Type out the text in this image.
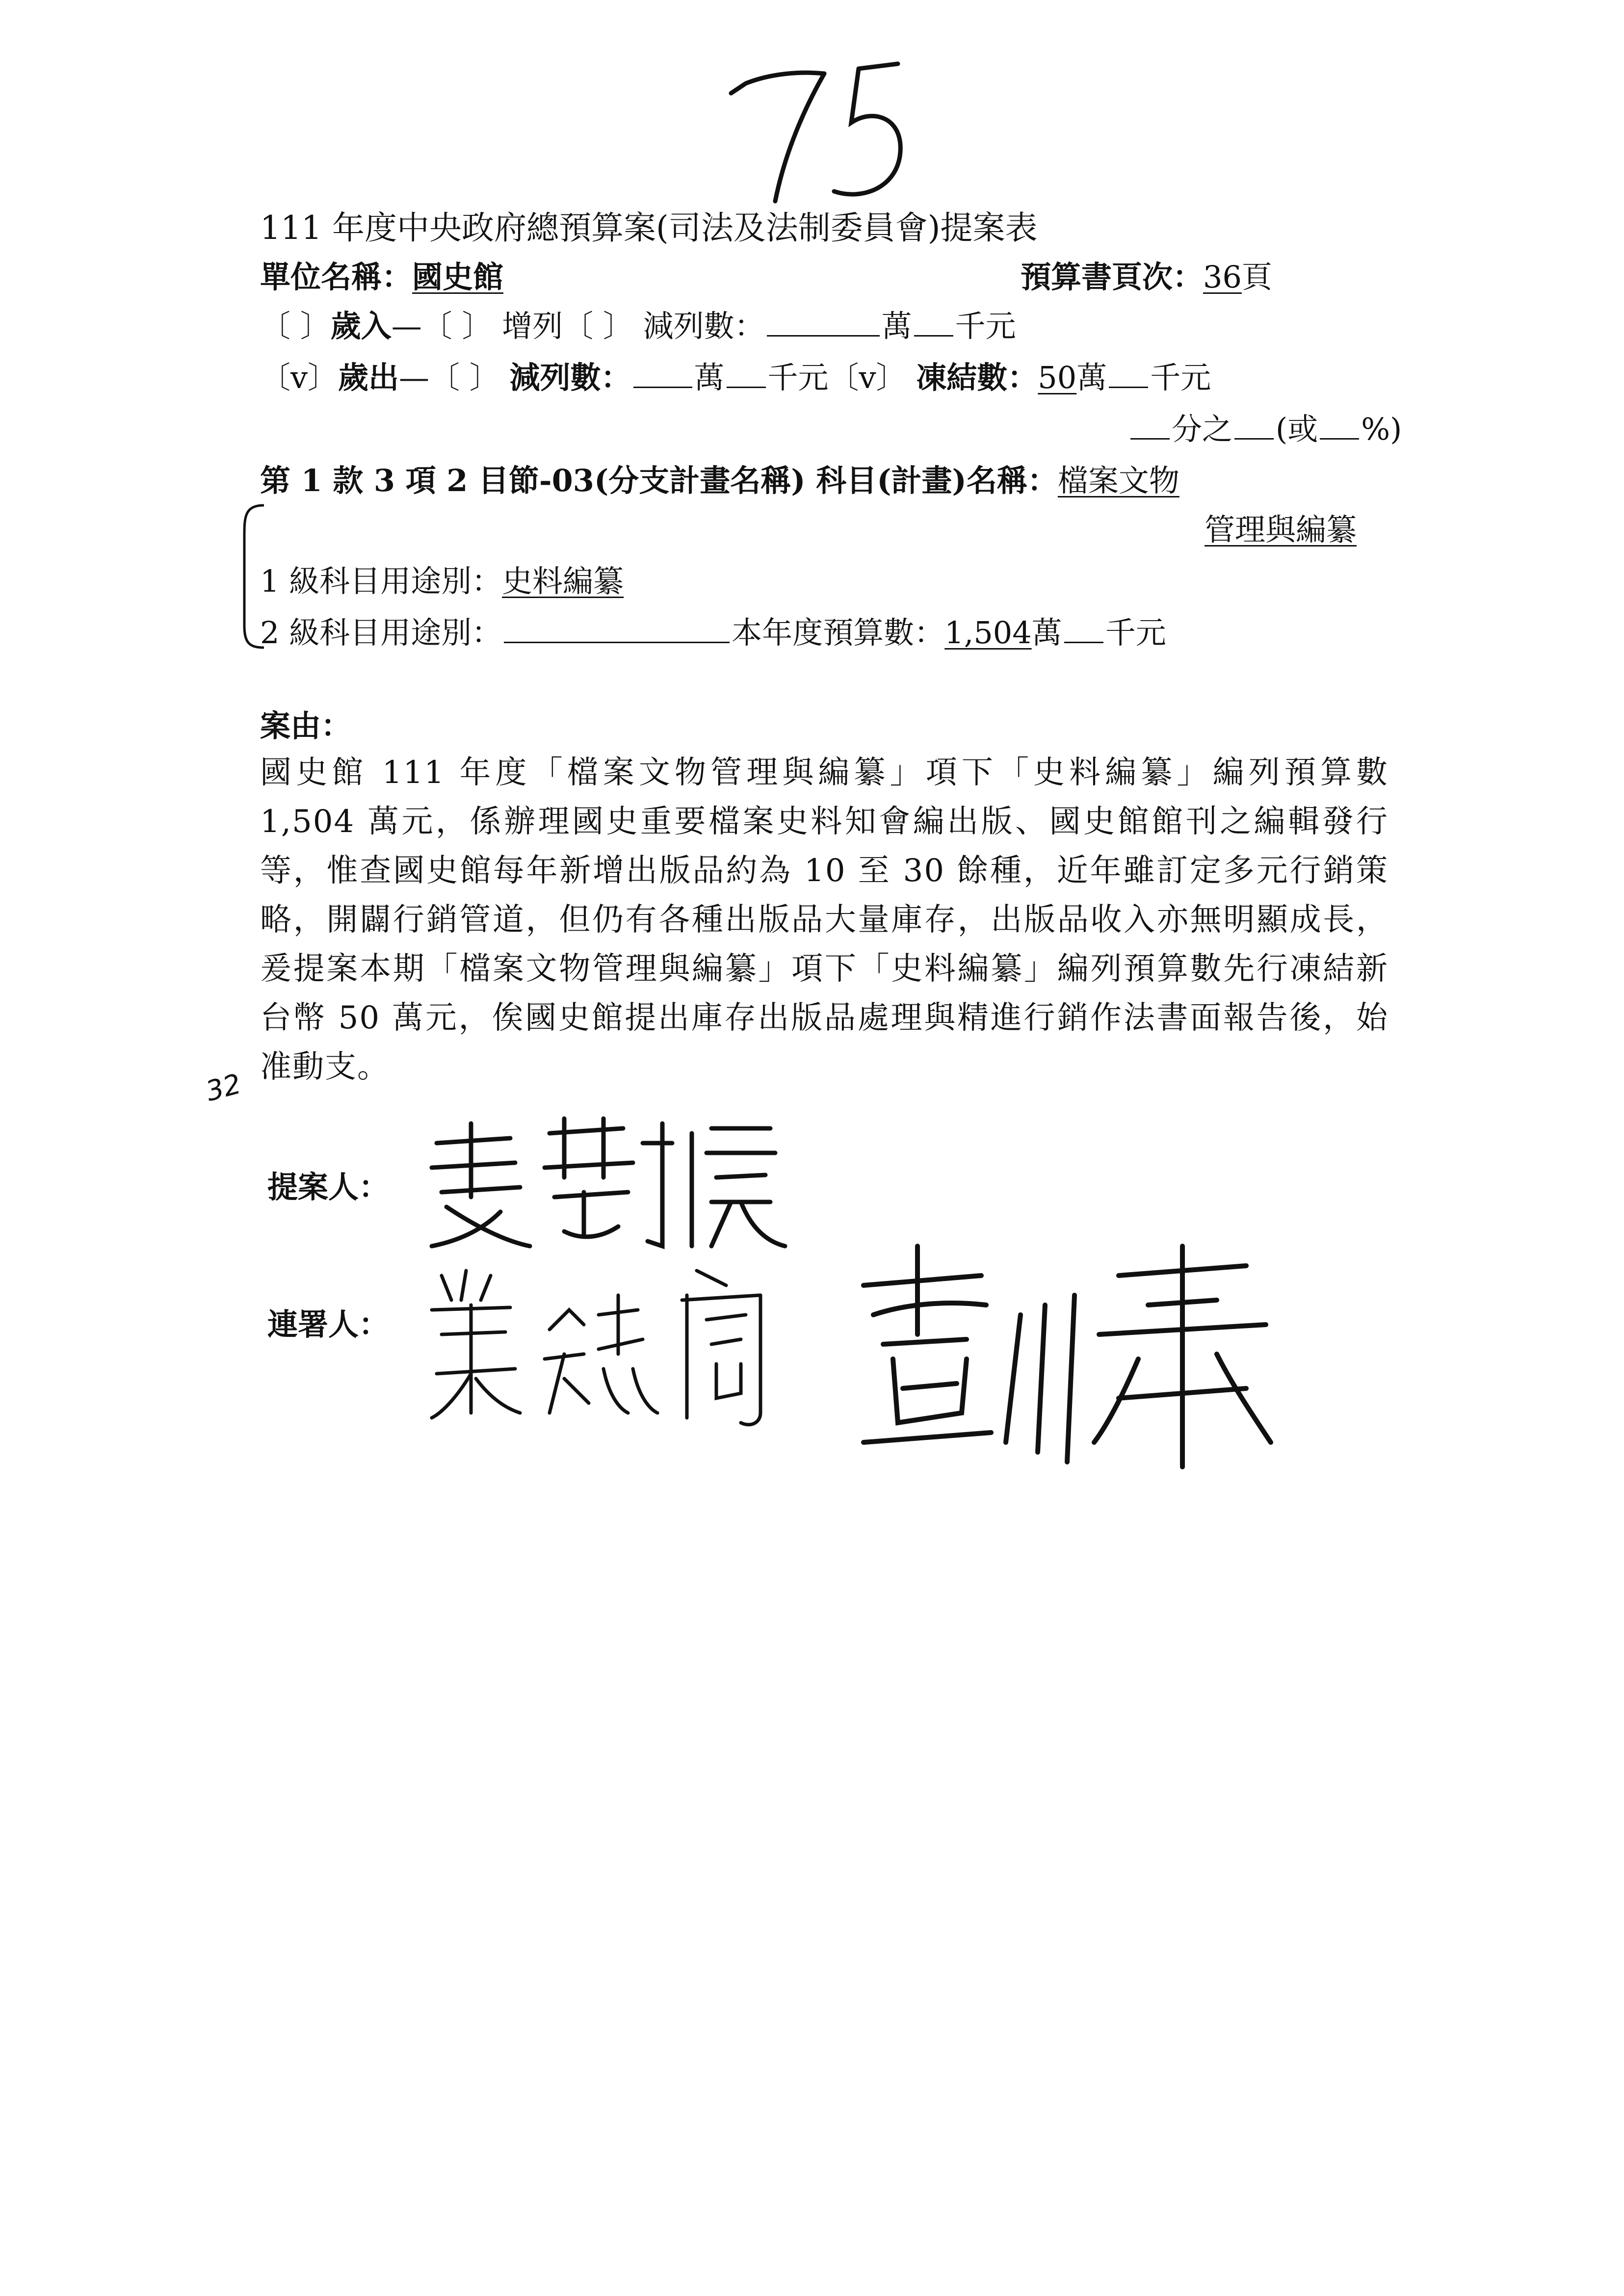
111 年度中央政府總預算案(司法及法制委員會)提案表
單位名稱：國史館	預算書頁次：36頁
〔 〕歲入—〔 〕 增列〔 〕 減列數：	萬 千元
〔v〕歲出—〔 〕 減列數： 萬 千元〔v〕 凍結數：50萬 千元
分之 (或 %)
第 1 款 3 項 2 目節-03(分支計畫名稱) 科目(計畫)名稱：檔案文物
管理與編纂
1 級科目用途別：史料編纂
2 級科目用途別：	本年度預算數：1,504萬 千元
案由：
國史館 111 年度「檔案文物管理與編纂」項下「史料編纂」編列預算數 1,504 萬元，係辦理國史重要檔案史料知會編出版、國史館館刊之編輯發行等，惟查國史館每年新增出版品約為 10 至 30 餘種，近年雖訂定多元行銷策略，開闢行銷管道，但仍有各種出版品大量庫存，出版品收入亦無明顯成長，爰提案本期「檔案文物管理與編纂」項下「史料編纂」編列預算數先行凍結新台幣 50 萬元，俟國史館提出庫存出版品處理與精進行銷作法書面報告後，始准動支。
32
提案人：
連署人：
